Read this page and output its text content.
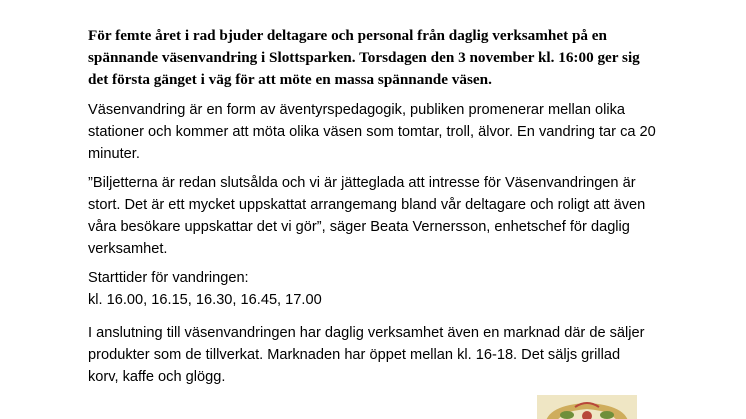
För femte året i rad bjuder deltagare och personal från daglig verksamhet på en
spännande väsenvandring i Slottsparken. Torsdagen den 3 november kl. 16:00 ger sig
det första gänget i väg för att möte en massa spännande väsen.

Väsenvandring är en form av äventyrspedagogik, publiken promenerar mellan olika
stationer och kommer att möta olika väsen som tomtar, troll, älvor. En vandring tar ca 20
minuter.

”Biljetterna är redan slutsålda och vi är jätteglada att intresse för Väsenvandringen är
stort. Det är ett mycket uppskattat arrangemang bland vår deltagare och roligt att även
våra besökare uppskattar det vi gör”, säger Beata Vernersson, enhetschef för daglig
verksamhet.

Starttider för vandringen:
kl. 16.00, 16.15, 16.30, 16.45, 17.00

I anslutning till väsenvandringen har daglig verksamhet även en marknad där de säljer
produkter som de tillverkat. Marknaden har öppet mellan kl. 16-18. Det säljs grillad
korv, kaffe och glögg.
